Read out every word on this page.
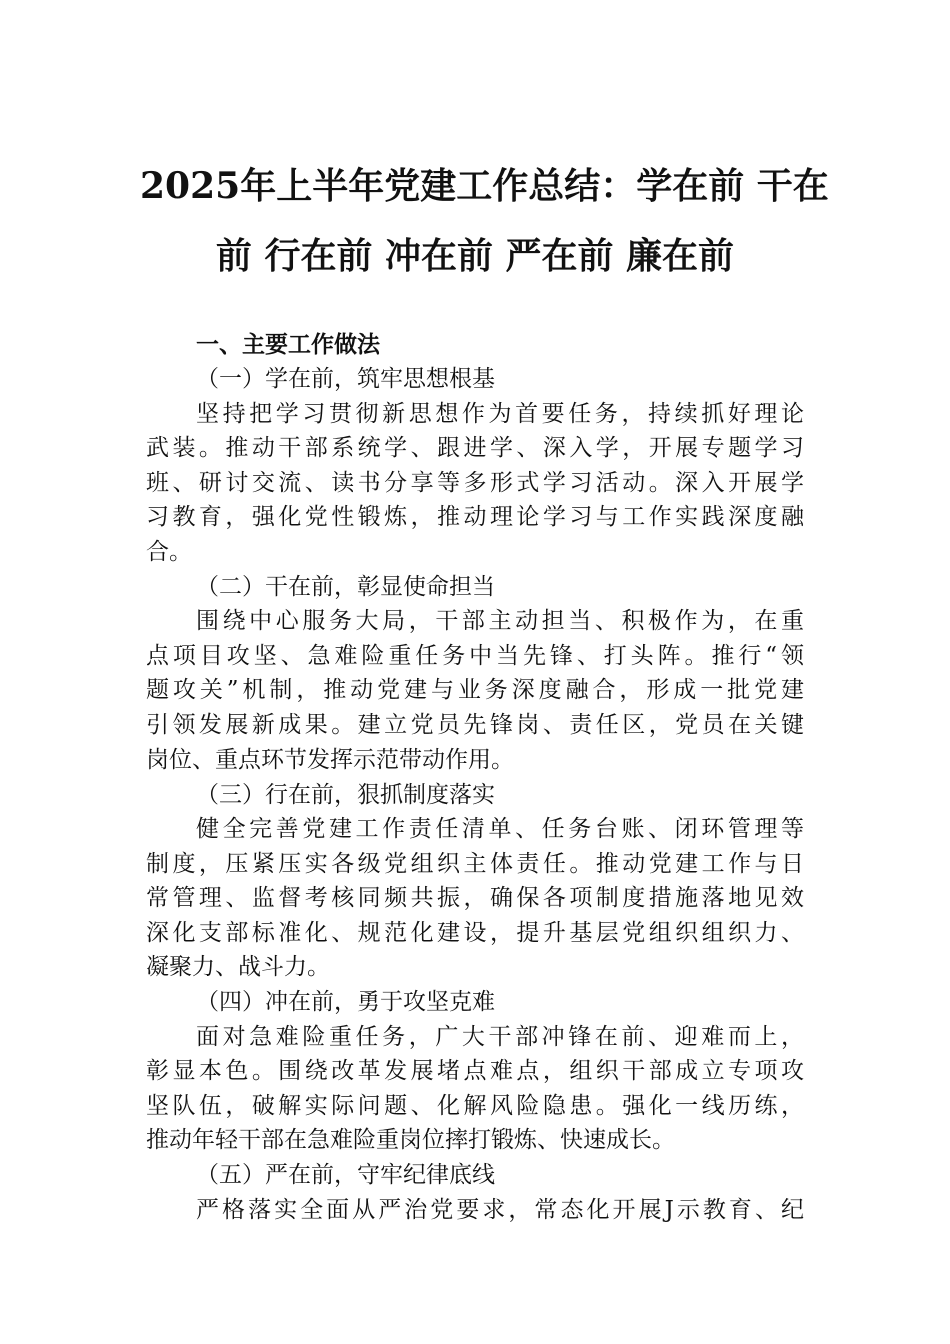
2025年上半年党建工作总结：学在前 干在
前 行在前 冲在前 严在前 廉在前
一、主要工作做法
（一）学在前，筑牢思想根基
坚持把学习贯彻新思想作为首要任务，持续抓好理论
武装。推动干部系统学、跟进学、深入学，开展专题学习
班、研讨交流、读书分享等多形式学习活动。深入开展学
习教育，强化党性锻炼，推动理论学习与工作实践深度融
合。
（二）干在前，彰显使命担当
围绕中心服务大局，干部主动担当、积极作为，在重
点项目攻坚、急难险重任务中当先锋、打头阵。推行“领
题攻关”机制，推动党建与业务深度融合，形成一批党建
引领发展新成果。建立党员先锋岗、责任区，党员在关键
岗位、重点环节发挥示范带动作用。
（三）行在前，狠抓制度落实
健全完善党建工作责任清单、任务台账、闭环管理等
制度，压紧压实各级党组织主体责任。推动党建工作与日
常管理、监督考核同频共振，确保各项制度措施落地见效
深化支部标准化、规范化建设，提升基层党组织组织力、
凝聚力、战斗力。
（四）冲在前，勇于攻坚克难
面对急难险重任务，广大干部冲锋在前、迎难而上，
彰显本色。围绕改革发展堵点难点，组织干部成立专项攻
坚队伍，破解实际问题、化解风险隐患。强化一线历练，
推动年轻干部在急难险重岗位摔打锻炼、快速成长。
（五）严在前，守牢纪律底线
严格落实全面从严治党要求，常态化开展J示教育、纪
